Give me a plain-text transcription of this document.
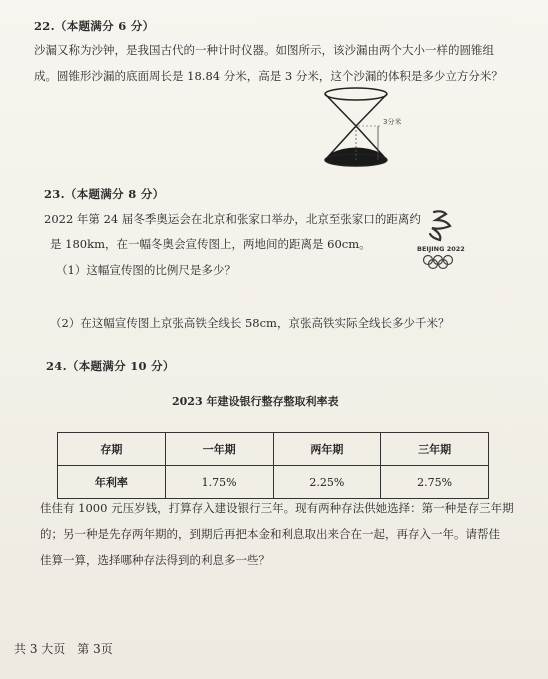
22.（本题满分 6 分）
沙漏又称为沙钟，是我国古代的一种计时仪器。如图所示，该沙漏由两个大小一样的圆锥组
成。圆锥形沙漏的底面周长是 18.84 分米，高是 3 分米，这个沙漏的体积是多少立方分米？
3分米
23.（本题满分 8 分）
2022 年第 24 届冬季奥运会在北京和张家口举办，北京至张家口的距离约
是 180km，在一幅冬奥会宣传图上，两地间的距离是 60cm。
（1）这幅宣传图的比例尺是多少？
（2）在这幅宣传图上京张高铁全线长 58cm，京张高铁实际全线长多少千米？
BEIJING 2022
24.（本题满分 10 分）
2023 年建设银行整存整取利率表
存期	一年期	两年期	三年期
年利率	1.75%	2.25%	2.75%
佳佳有 1000 元压岁钱，打算存入建设银行三年。现有两种存法供她选择：第一种是存三年期
的；另一种是先存两年期的，到期后再把本金和利息取出来合在一起，再存入一年。请帮佳
佳算一算，选择哪种存法得到的利息多一些？
共 3 大页　第 3页
